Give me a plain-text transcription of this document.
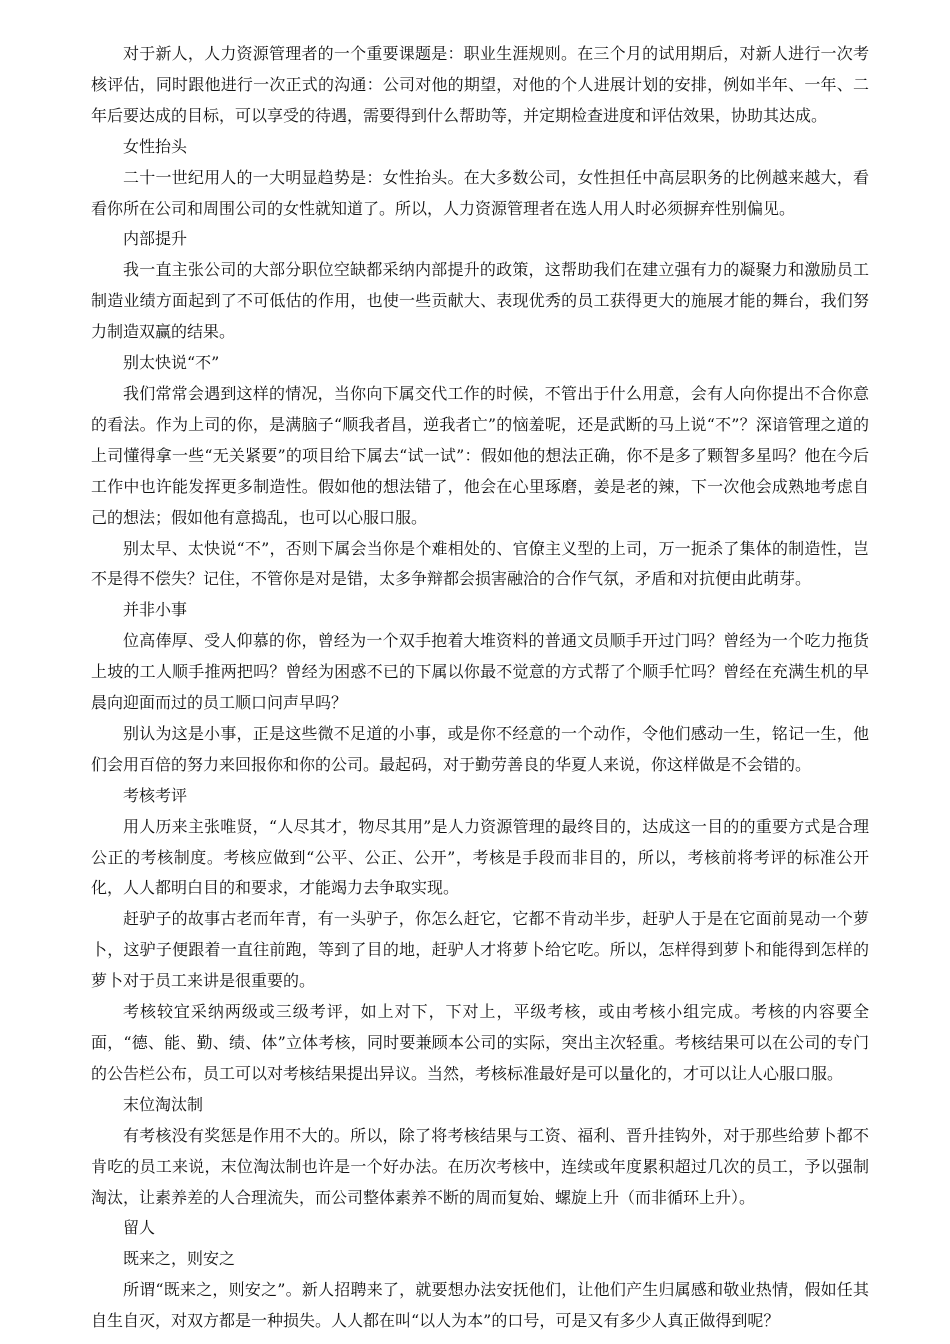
对于新人，人力资源管理者的一个重要课题是：职业生涯规则。在三个月的试用期后，对新人进行一次考核评估，同时跟他进行一次正式的沟通：公司对他的期望，对他的个人进展计划的安排，例如半年、一年、二年后要达成的目标，可以享受的待遇，需要得到什么帮助等，并定期检查进度和评估效果，协助其达成。

女性抬头

二十一世纪用人的一大明显趋势是：女性抬头。在大多数公司，女性担任中高层职务的比例越来越大，看看你所在公司和周围公司的女性就知道了。所以，人力资源管理者在选人用人时必须摒弃性别偏见。

内部提升

我一直主张公司的大部分职位空缺都采纳内部提升的政策，这帮助我们在建立强有力的凝聚力和激励员工制造业绩方面起到了不可低估的作用，也使一些贡献大、表现优秀的员工获得更大的施展才能的舞台，我们努力制造双赢的结果。

别太快说“不”

我们常常会遇到这样的情况，当你向下属交代工作的时候，不管出于什么用意，会有人向你提出不合你意的看法。作为上司的你，是满脑子“顺我者昌，逆我者亡”的恼羞呢，还是武断的马上说“不”？深谙管理之道的上司懂得拿一些“无关紧要”的项目给下属去“试一试”：假如他的想法正确，你不是多了颗智多星吗？他在今后工作中也许能发挥更多制造性。假如他的想法错了，他会在心里琢磨，姜是老的辣，下一次他会成熟地考虑自己的想法；假如他有意捣乱，也可以心服口服。

别太早、太快说“不”，否则下属会当你是个难相处的、官僚主义型的上司，万一扼杀了集体的制造性，岂不是得不偿失？记住，不管你是对是错，太多争辩都会损害融洽的合作气氛，矛盾和对抗便由此萌芽。

并非小事

位高俸厚、受人仰慕的你，曾经为一个双手抱着大堆资料的普通文员顺手开过门吗？曾经为一个吃力拖货上坡的工人顺手推两把吗？曾经为困惑不已的下属以你最不觉意的方式帮了个顺手忙吗？曾经在充满生机的早晨向迎面而过的员工顺口问声早吗？

别认为这是小事，正是这些微不足道的小事，或是你不经意的一个动作，令他们感动一生，铭记一生，他们会用百倍的努力来回报你和你的公司。最起码，对于勤劳善良的华夏人来说，你这样做是不会错的。

考核考评

用人历来主张唯贤，“人尽其才，物尽其用”是人力资源管理的最终目的，达成这一目的的重要方式是合理公正的考核制度。考核应做到“公平、公正、公开”，考核是手段而非目的，所以，考核前将考评的标准公开化，人人都明白目的和要求，才能竭力去争取实现。

赶驴子的故事古老而年青，有一头驴子，你怎么赶它，它都不肯动半步，赶驴人于是在它面前晃动一个萝卜，这驴子便跟着一直往前跑，等到了目的地，赶驴人才将萝卜给它吃。所以，怎样得到萝卜和能得到怎样的萝卜对于员工来讲是很重要的。

考核较宜采纳两级或三级考评，如上对下，下对上，平级考核，或由考核小组完成。考核的内容要全面，“德、能、勤、绩、体”立体考核，同时要兼顾本公司的实际，突出主次轻重。考核结果可以在公司的专门的公告栏公布，员工可以对考核结果提出异议。当然，考核标准最好是可以量化的，才可以让人心服口服。

末位淘汰制

有考核没有奖惩是作用不大的。所以，除了将考核结果与工资、福利、晋升挂钩外，对于那些给萝卜都不肯吃的员工来说，末位淘汰制也许是一个好办法。在历次考核中，连续或年度累积超过几次的员工，予以强制淘汰，让素养差的人合理流失，而公司整体素养不断的周而复始、螺旋上升（而非循环上升）。

留人

既来之，则安之

所谓“既来之，则安之”。新人招聘来了，就要想办法安抚他们，让他们产生归属感和敬业热情，假如任其自生自灭，对双方都是一种损失。人人都在叫“以人为本”的口号，可是又有多少人真正做得到呢？
